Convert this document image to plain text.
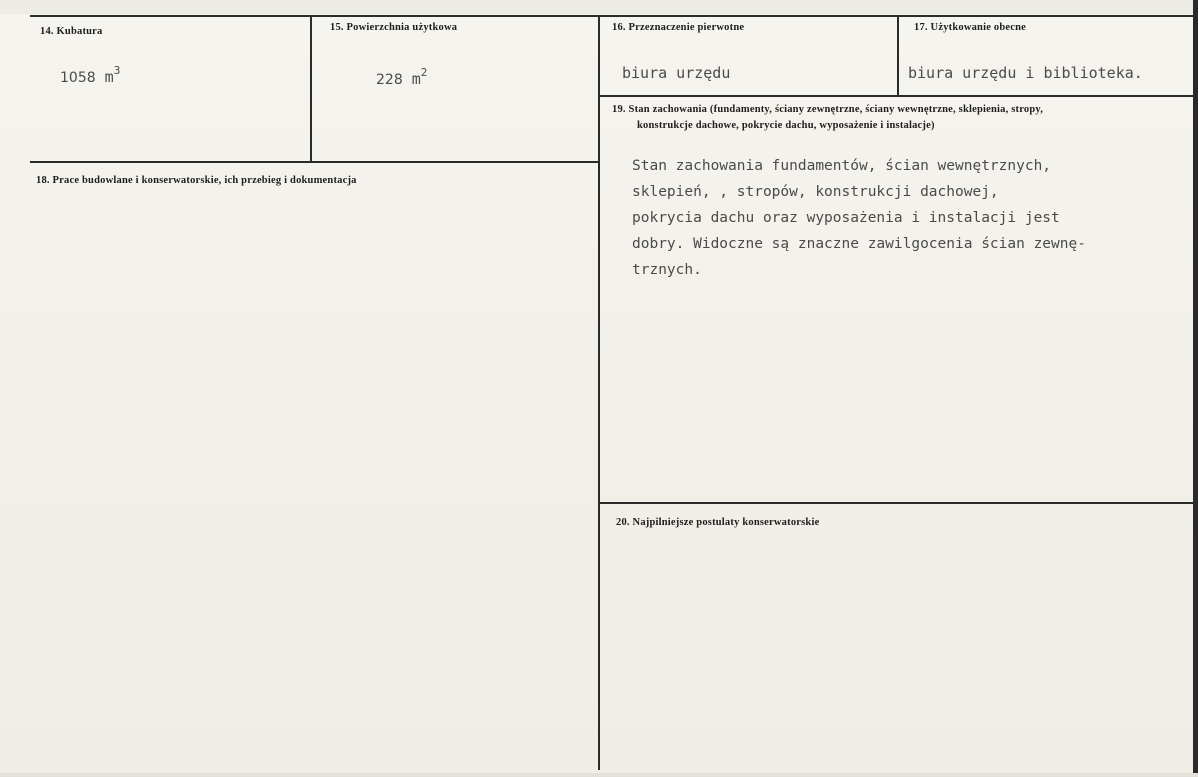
14. Kubatura
1058 $m^3$
15. Powierzchnia użytkowa
228 $m^2$
16. Przeznaczenie pierwotne
biura urzędu
17. Użytkowanie obecne
biura urzędu i biblioteka.
18. Prace budowlane i konserwatorskie, ich przebieg i dokumentacja
19. Stan zachowania (fundamenty, ściany zewnętrzne, ściany wewnętrzne, sklepienia, stropy,
konstrukcje dachowe, pokrycie dachu, wyposażenie i instalacje)
Stan zachowania fundamentów, ścian wewnętrznych,
sklepień, , stropów, konstrukcji dachowej,
pokrycia dachu oraz wyposażenia i instalacji jest
dobry. Widoczne są znaczne zawilgocenia ścian zewnę-
trznych.
20. Najpilniejsze postulaty konserwatorskie
